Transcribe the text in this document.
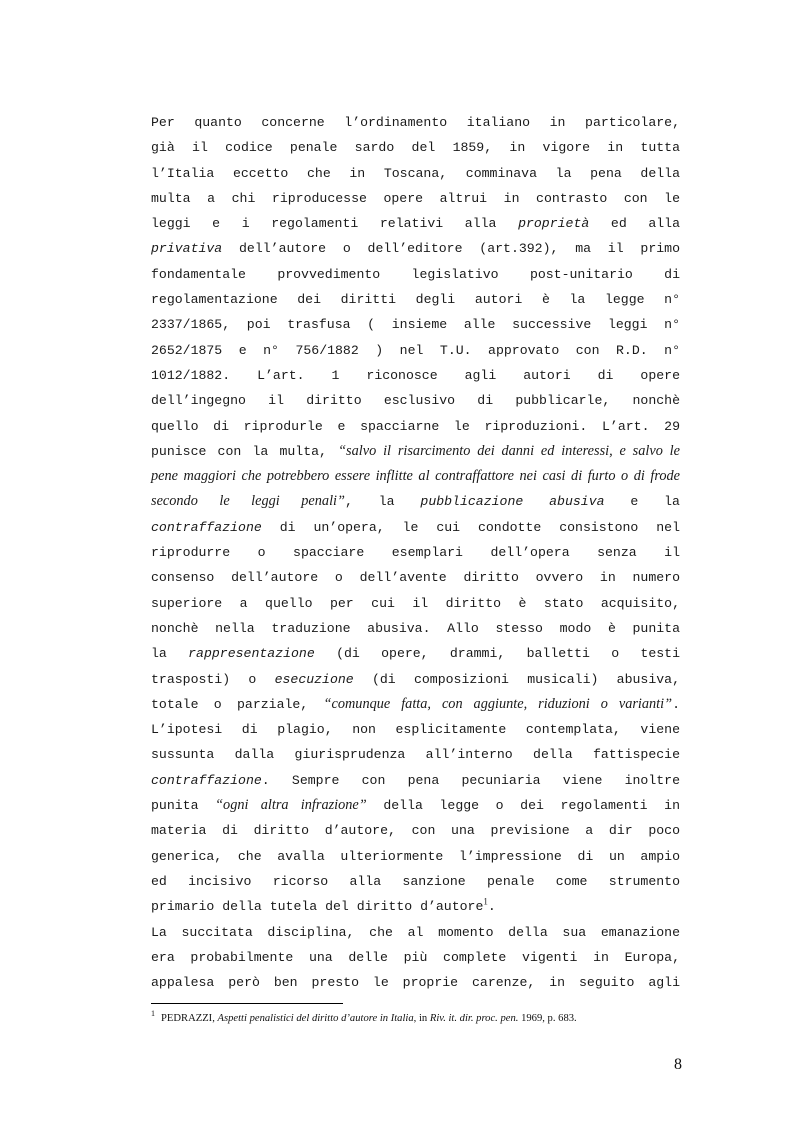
Per quanto concerne l’ordinamento italiano in particolare,
già il codice penale sardo del 1859, in vigore in tutta
l’Italia eccetto che in Toscana, comminava la pena della
multa a chi riproducesse opere altrui in contrasto con le
leggi e i regolamenti relativi alla proprietà ed alla
privativa dell’autore o dell’editore (art.392), ma il primo
fondamentale provvedimento legislativo post-unitario di
regolamentazione dei diritti degli autori è la legge n°
2337/1865, poi trasfusa ( insieme alle successive leggi n°
2652/1875 e n° 756/1882 ) nel T.U. approvato con R.D. n°
1012/1882. L’art. 1 riconosce agli autori di opere
dell’ingegno il diritto esclusivo di pubblicarle, nonchè
quello di riprodurle e spacciarne le riproduzioni. L’art. 29
punisce con la multa, “salvo il risarcimento dei danni ed interessi, e salvo le
pene maggiori che potrebbero essere inflitte al contraffattore nei casi di furto o di frode
secondo le leggi penali”, la pubblicazione abusiva e la
contraffazione di un’opera, le cui condotte consistono nel
riprodurre o spacciare esemplari dell’opera senza il
consenso dell’autore o dell’avente diritto ovvero in numero
superiore a quello per cui il diritto è stato acquisito,
nonchè nella traduzione abusiva. Allo stesso modo è punita
la rappresentazione (di opere, drammi, balletti o testi
trasposti) o esecuzione (di composizioni musicali) abusiva,
totale o parziale, “comunque fatta, con aggiunte, riduzioni o varianti”.
L’ipotesi di plagio, non esplicitamente contemplata, viene
sussunta dalla giurisprudenza all’interno della fattispecie
contraffazione. Sempre con pena pecuniaria viene inoltre
punita “ogni altra infrazione” della legge o dei regolamenti in
materia di diritto d’autore, con una previsione a dir poco
generica, che avalla ulteriormente l’impressione di un ampio
ed incisivo ricorso alla sanzione penale come strumento
primario della tutela del diritto d’autore$^1$.
La succitata disciplina, che al momento della sua emanazione
era probabilmente una delle più complete vigenti in Europa,
appalesa però ben presto le proprie carenze, in seguito agli
$^1$ PEDRAZZI, Aspetti penalistici del diritto d’autore in Italia, in Riv. it. dir. proc. pen. 1969, p. 683.
8
